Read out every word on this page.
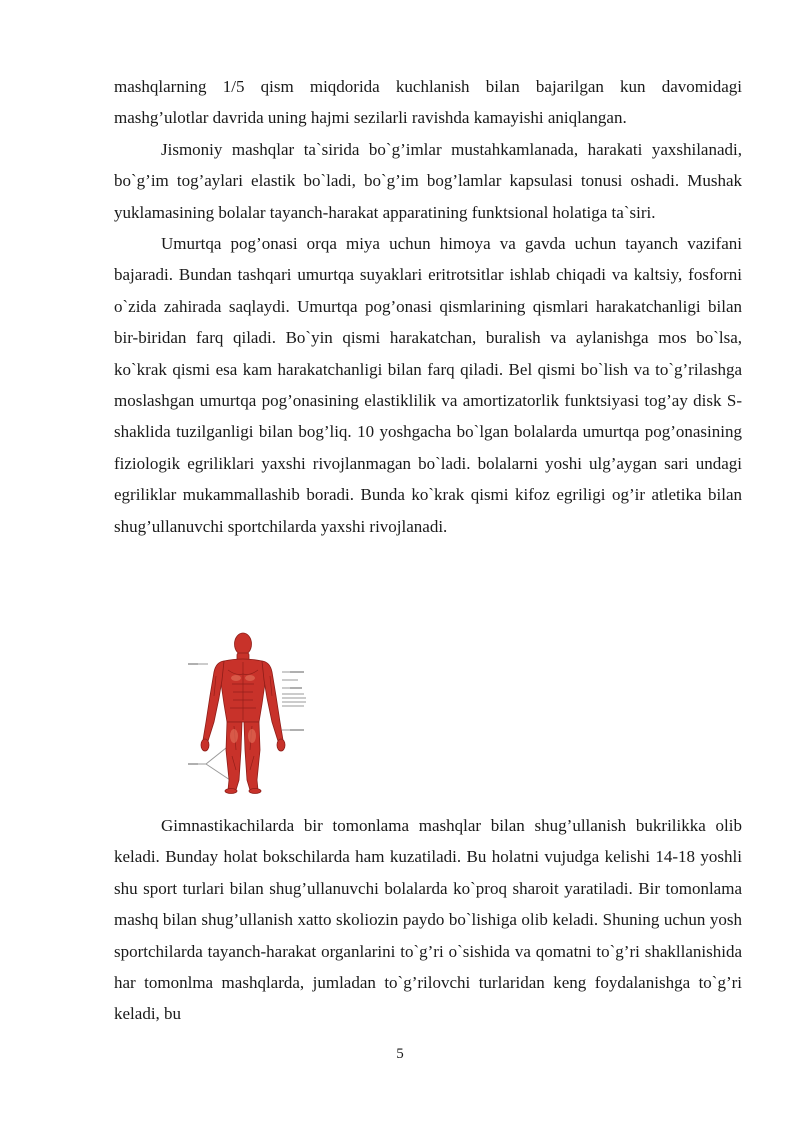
mashqlarning 1/5 qism miqdorida kuchlanish bilan bajarilgan kun davomidagi mashg’ulotlar davrida uning hajmi sezilarli ravishda kamayishi aniqlangan.

Jismoniy mashqlar ta`sirida bo`g’imlar mustahkamlanada, harakati yaxshilanadi, bo`g’im tog’aylari elastik bo`ladi, bo`g’im bog’lamlar kapsulasi tonusi oshadi. Mushak yuklamasining bolalar tayanch-harakat apparatining funktsional holatiga ta`siri.

Umurtqa pog’onasi orqa miya uchun himoya va gavda uchun tayanch vazifani bajaradi. Bundan tashqari umurtqa suyaklari eritrotsitlar ishlab chiqadi va kaltsiy, fosforni o`zida zahirada saqlaydi. Umurtqa pog’onasi qismlarining qismlari harakatchanligi bilan bir-biridan farq qiladi. Bo`yin qismi harakatchan, buralish va aylanishga mos bo`lsa, ko`krak qismi esa kam harakatchanligi bilan farq qiladi. Bel qismi bo`lish va to`g’rilashga moslashgan umurtqa pog’onasining elastiklilik va amortizatorlik funktsiyasi tog’ay disk S-shaklida tuzilganligi bilan bog’liq. 10 yoshgacha bo`lgan bolalarda umurtqa pog’onasining fiziologik egriliklari yaxshi rivojlanmagan bo`ladi. bolalarni yoshi ulg’aygan sari undagi egriliklar mukammallashib boradi. Bunda ko`krak qismi kifoz egriligi og’ir atletika bilan shug’ullanuvchi sportchilarda yaxshi rivojlanadi.

Gimnastikachilarda bir tomonlama mashqlar bilan shug’ullanish bukrilikka olib keladi. Bunday holat bokschilarda ham kuzatiladi. Bu holatni vujudga kelishi 14-18 yoshli shu sport turlari bilan shug’ullanuvchi bolalarda ko`proq sharoit yaratiladi. Bir tomonlama mashq bilan shug’ullanish xatto skoliozin paydo bo`lishiga olib keladi. Shuning uchun yosh sportchilarda tayanch-harakat organlarini to`g’ri o`sishida va qomatni to`g’ri shakllanishida har tomonlma mashqlarda, jumladan to`g’rilovchi turlaridan keng foydalanishga to`g’ri keladi, bu

5
